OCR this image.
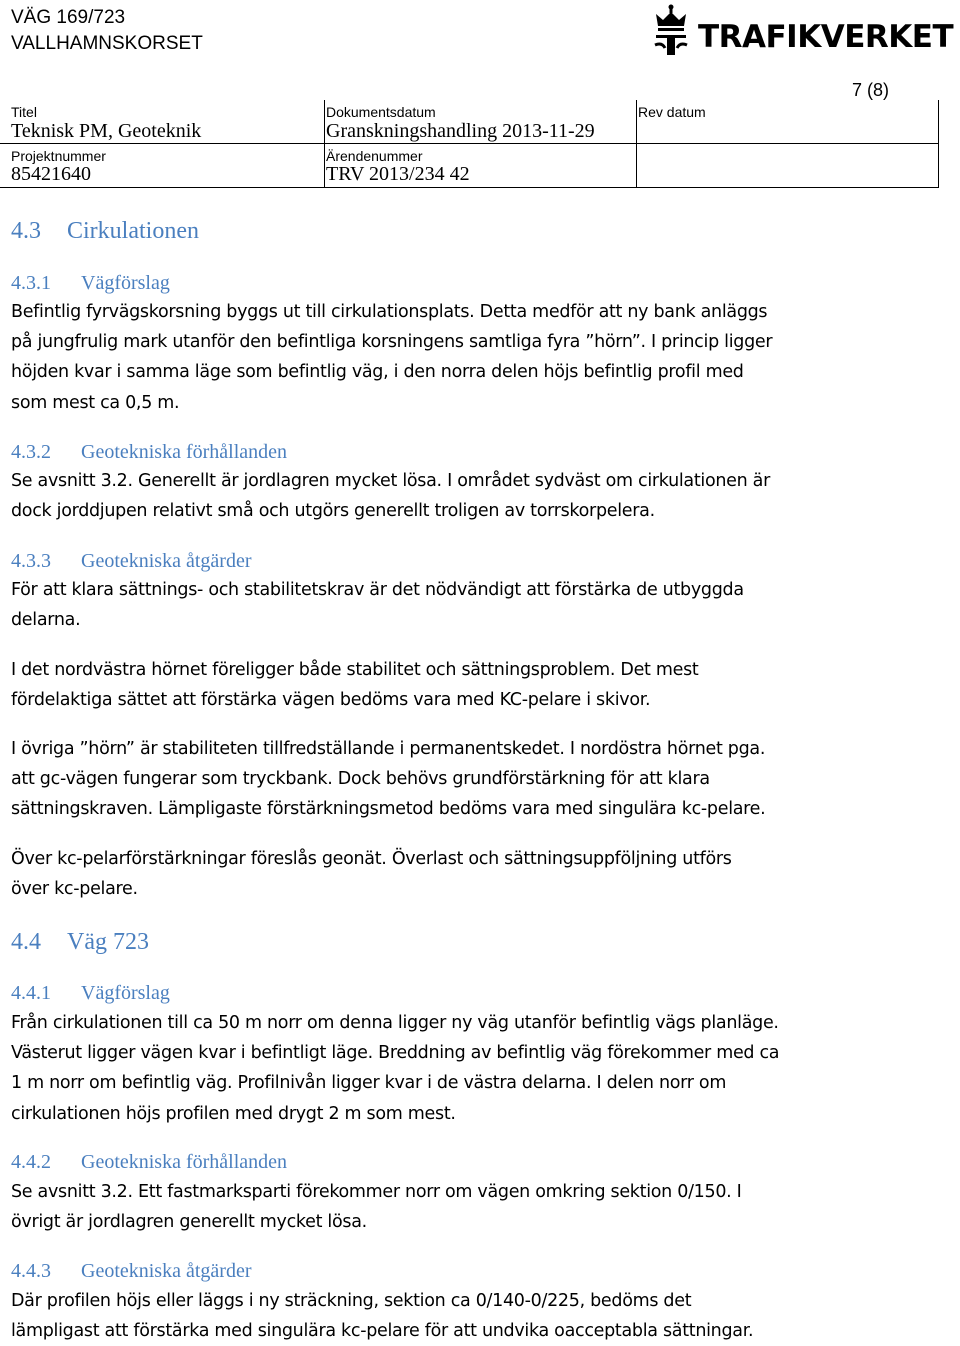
VÄG 169/723
VALLHAMNSKORSET	TRAFIKVERKET
7 (8)
Titel
Teknisk PM, Geoteknik
Dokumentsdatum
Granskningshandling 2013-11-29
Rev datum
Projektnummer
85421640
Ärendenummer
TRV 2013/234 42
4.3 Cirkulationen
4.3.1 Vägförslag
Befintlig fyrvägskorsning byggs ut till cirkulationsplats. Detta medför att ny bank anläggs
på jungfrulig mark utanför den befintliga korsningens samtliga fyra ”hörn”. I princip ligger
höjden kvar i samma läge som befintlig väg, i den norra delen höjs befintlig profil med
som mest ca 0,5 m.
4.3.2 Geotekniska förhållanden
Se avsnitt 3.2. Generellt är jordlagren mycket lösa. I området sydväst om cirkulationen är
dock jorddjupen relativt små och utgörs generellt troligen av torrskorpelera.
4.3.3 Geotekniska åtgärder
För att klara sättnings- och stabilitetskrav är det nödvändigt att förstärka de utbyggda
delarna.
I det nordvästra hörnet föreligger både stabilitet och sättningsproblem. Det mest
fördelaktiga sättet att förstärka vägen bedöms vara med KC-pelare i skivor.
I övriga ”hörn” är stabiliteten tillfredställande i permanentskedet. I nordöstra hörnet pga.
att gc-vägen fungerar som tryckbank. Dock behövs grundförstärkning för att klara
sättningskraven. Lämpligaste förstärkningsmetod bedöms vara med singulära kc-pelare.
Över kc-pelarförstärkningar föreslås geonät. Överlast och sättningsuppföljning utförs
över kc-pelare.
4.4 Väg 723
4.4.1 Vägförslag
Från cirkulationen till ca 50 m norr om denna ligger ny väg utanför befintlig vägs planläge.
Västerut ligger vägen kvar i befintligt läge. Breddning av befintlig väg förekommer med ca
1 m norr om befintlig väg. Profilnivån ligger kvar i de västra delarna. I delen norr om
cirkulationen höjs profilen med drygt 2 m som mest.
4.4.2 Geotekniska förhållanden
Se avsnitt 3.2. Ett fastmarksparti förekommer norr om vägen omkring sektion 0/150. I
övrigt är jordlagren generellt mycket lösa.
4.4.3 Geotekniska åtgärder
Där profilen höjs eller läggs i ny sträckning, sektion ca 0/140-0/225, bedöms det
lämpligast att förstärka med singulära kc-pelare för att undvika oacceptabla sättningar.
